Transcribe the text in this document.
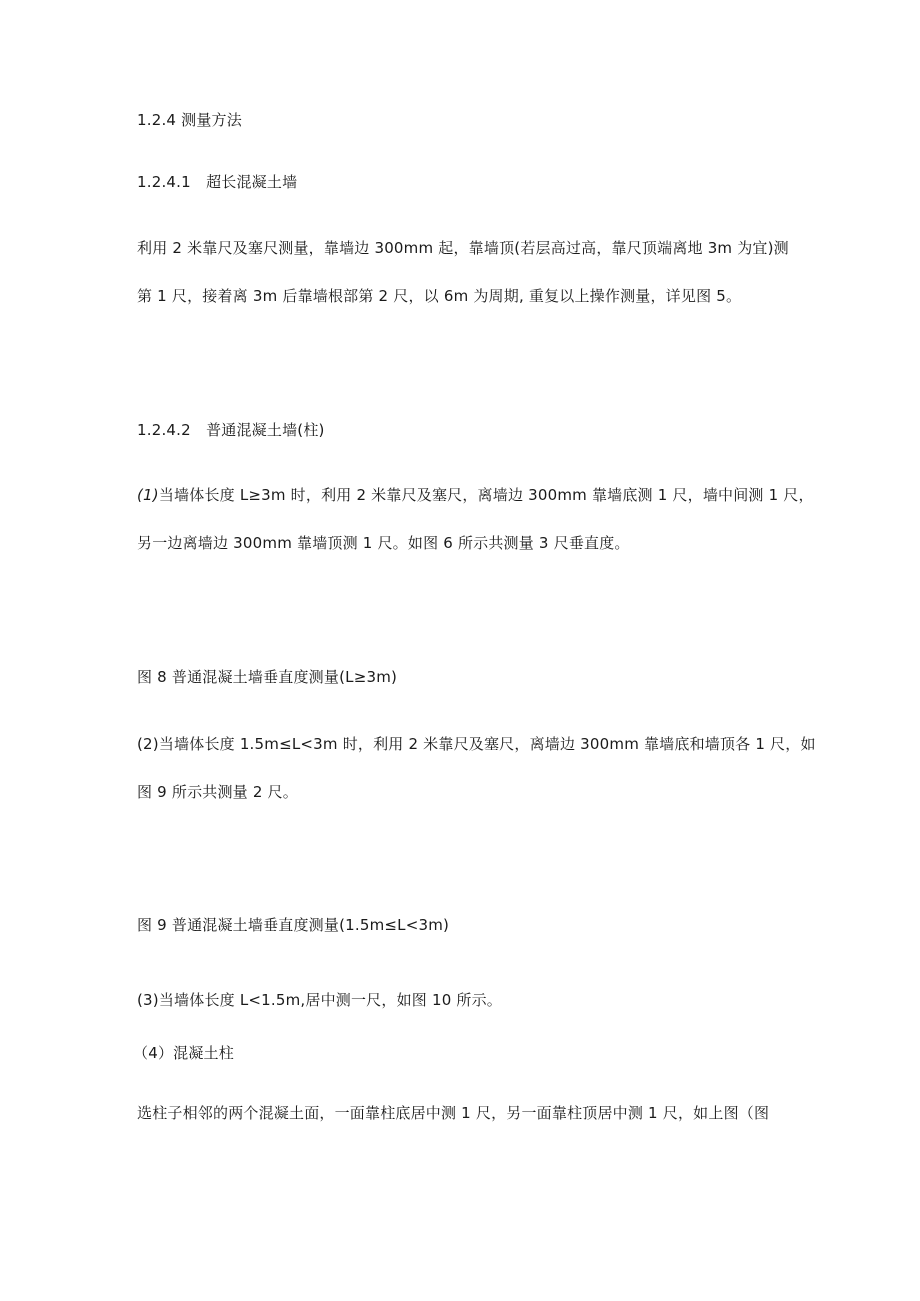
1.2.4 测量方法

1.2.4.1　超长混凝土墙

利用 2 米靠尺及塞尺测量，靠墙边 300mm 起，靠墙顶(若层高过高，靠尺顶端离地 3m 为宜)测

第 1 尺，接着离 3m 后靠墙根部第 2 尺，以 6m 为周期, 重复以上操作测量，详见图 5。

1.2.4.2　普通混凝土墙(柱)

(1)当墙体长度 L≥3m 时，利用 2 米靠尺及塞尺，离墙边 300mm 靠墙底测 1 尺，墙中间测 1 尺，

另一边离墙边 300mm 靠墙顶测 1 尺。如图 6 所示共测量 3 尺垂直度。

图 8 普通混凝土墙垂直度测量(L≥3m)

(2)当墙体长度 1.5m≤L<3m 时，利用 2 米靠尺及塞尺，离墙边 300mm 靠墙底和墙顶各 1 尺，如

图 9 所示共测量 2 尺。

图 9 普通混凝土墙垂直度测量(1.5m≤L<3m)

(3)当墙体长度 L<1.5m,居中测一尺，如图 10 所示。

（4）混凝土柱

选柱子相邻的两个混凝土面，一面靠柱底居中测 1 尺，另一面靠柱顶居中测 1 尺，如上图（图
